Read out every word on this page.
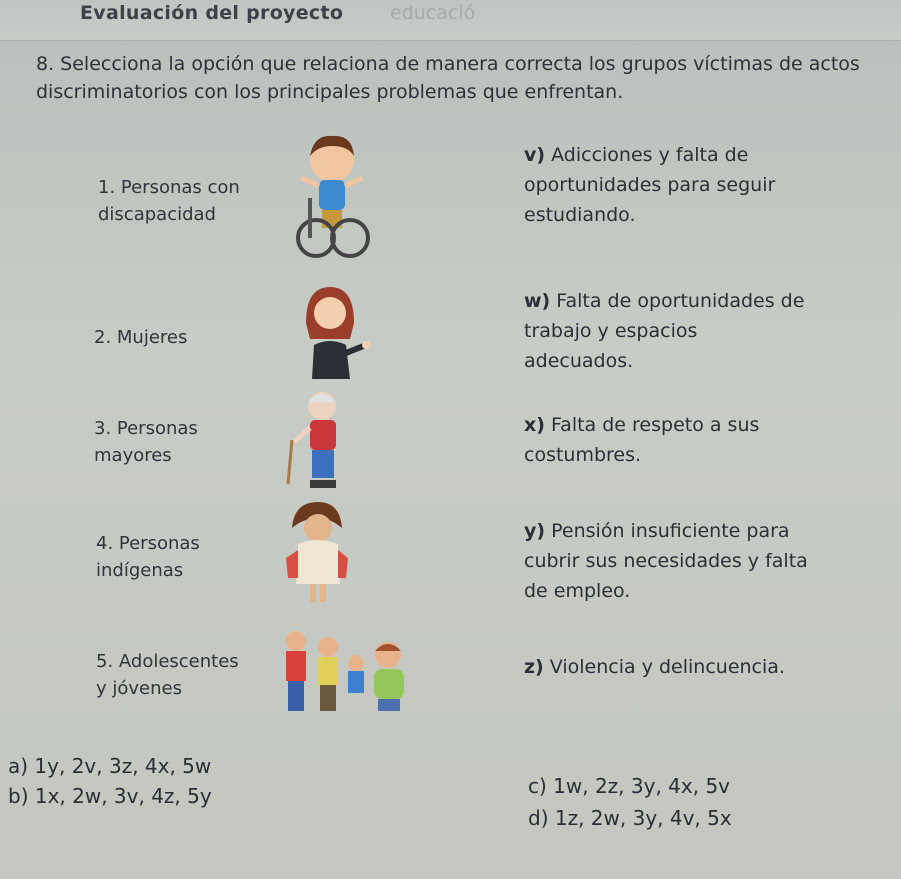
Evaluación del proyecto educació
8. Selecciona la opción que relaciona de manera correcta los grupos víctimas de actos discriminatorios con los principales problemas que enfrentan.
1. Personas con
discapacidad
2. Mujeres
3. Personas
mayores
4. Personas
indígenas
5. Adolescentes
y jóvenes
v) Adicciones y falta de
oportunidades para seguir
estudiando.
w) Falta de oportunidades de
trabajo y espacios
adecuados.
x) Falta de respeto a sus
costumbres.
y) Pensión insuficiente para
cubrir sus necesidades y falta
de empleo.
z) Violencia y delincuencia.
a) 1y, 2v, 3z, 4x, 5w
b) 1x, 2w, 3v, 4z, 5y	c) 1w, 2z, 3y, 4x, 5v
d) 1z, 2w, 3y, 4v, 5x
